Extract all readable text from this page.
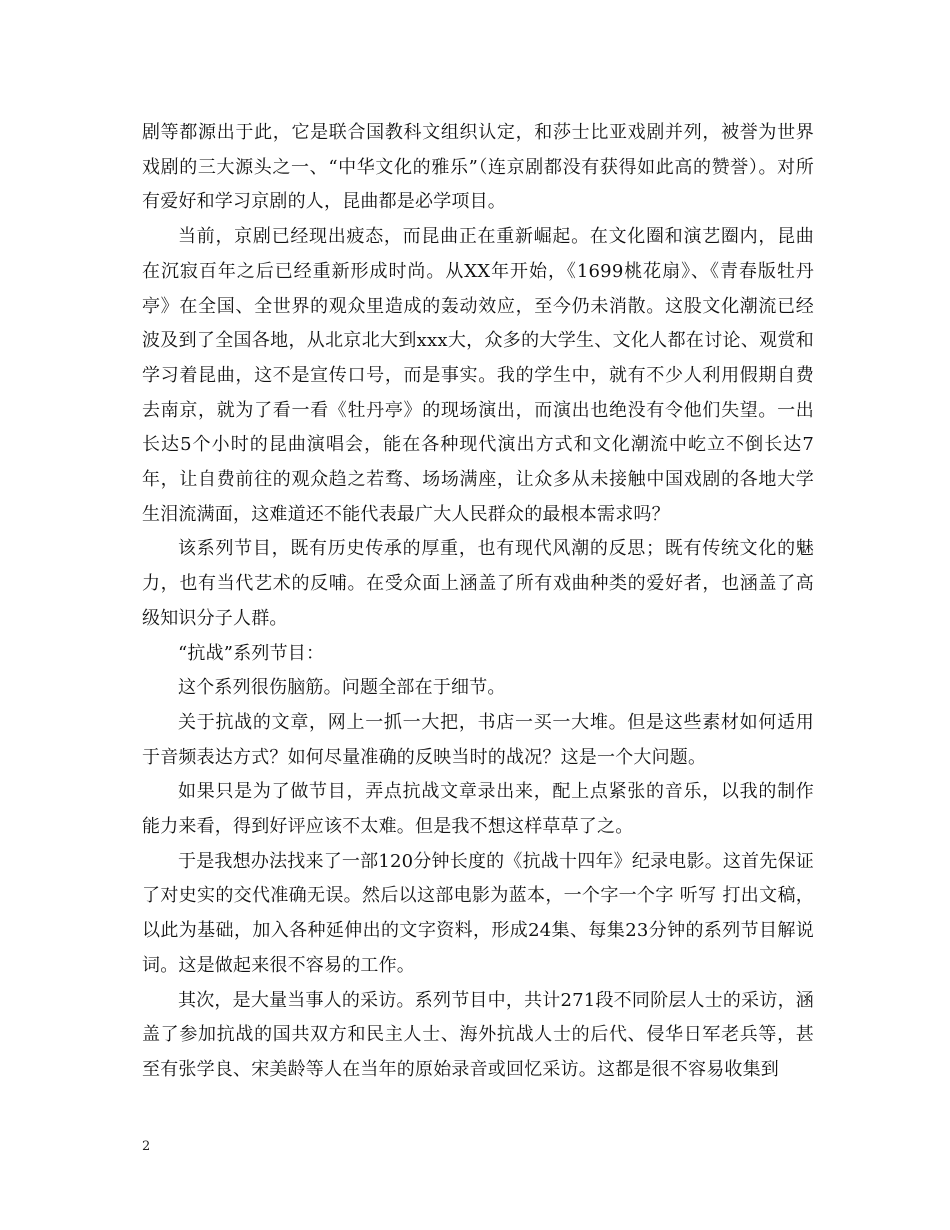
剧等都源出于此，它是联合国教科文组织认定，和莎士比亚戏剧并列，被誉为世界戏剧的三大源头之一、“中华文化的雅乐”（连京剧都没有获得如此高的赞誉）。对所有爱好和学习京剧的人，昆曲都是必学项目。

当前，京剧已经现出疲态，而昆曲正在重新崛起。在文化圈和演艺圈内，昆曲在沉寂百年之后已经重新形成时尚。从XX年开始，《1699桃花扇》、《青春版牡丹亭》在全国、全世界的观众里造成的轰动效应，至今仍未消散。这股文化潮流已经波及到了全国各地，从北京北大到xxx大，众多的大学生、文化人都在讨论、观赏和学习着昆曲，这不是宣传口号，而是事实。我的学生中，就有不少人利用假期自费去南京，就为了看一看《牡丹亭》的现场演出，而演出也绝没有令他们失望。一出长达5个小时的昆曲演唱会，能在各种现代演出方式和文化潮流中屹立不倒长达7年，让自费前往的观众趋之若骛、场场满座，让众多从未接触中国戏剧的各地大学生泪流满面，这难道还不能代表最广大人民群众的最根本需求吗？

该系列节目，既有历史传承的厚重，也有现代风潮的反思；既有传统文化的魅力，也有当代艺术的反哺。在受众面上涵盖了所有戏曲种类的爱好者，也涵盖了高级知识分子人群。

“抗战”系列节目：

这个系列很伤脑筋。问题全部在于细节。

关于抗战的文章，网上一抓一大把，书店一买一大堆。但是这些素材如何适用于音频表达方式？如何尽量准确的反映当时的战况？这是一个大问题。

如果只是为了做节目，弄点抗战文章录出来，配上点紧张的音乐，以我的制作能力来看，得到好评应该不太难。但是我不想这样草草了之。

于是我想办法找来了一部120分钟长度的《抗战十四年》纪录电影。这首先保证了对史实的交代准确无误。然后以这部电影为蓝本，一个字一个字 听写 打出文稿，以此为基础，加入各种延伸出的文字资料，形成24集、每集23分钟的系列节目解说词。这是做起来很不容易的工作。

其次，是大量当事人的采访。系列节目中，共计271段不同阶层人士的采访，涵盖了参加抗战的国共双方和民主人士、海外抗战人士的后代、侵华日军老兵等，甚至有张学良、宋美龄等人在当年的原始录音或回忆采访。这都是很不容易收集到

2
